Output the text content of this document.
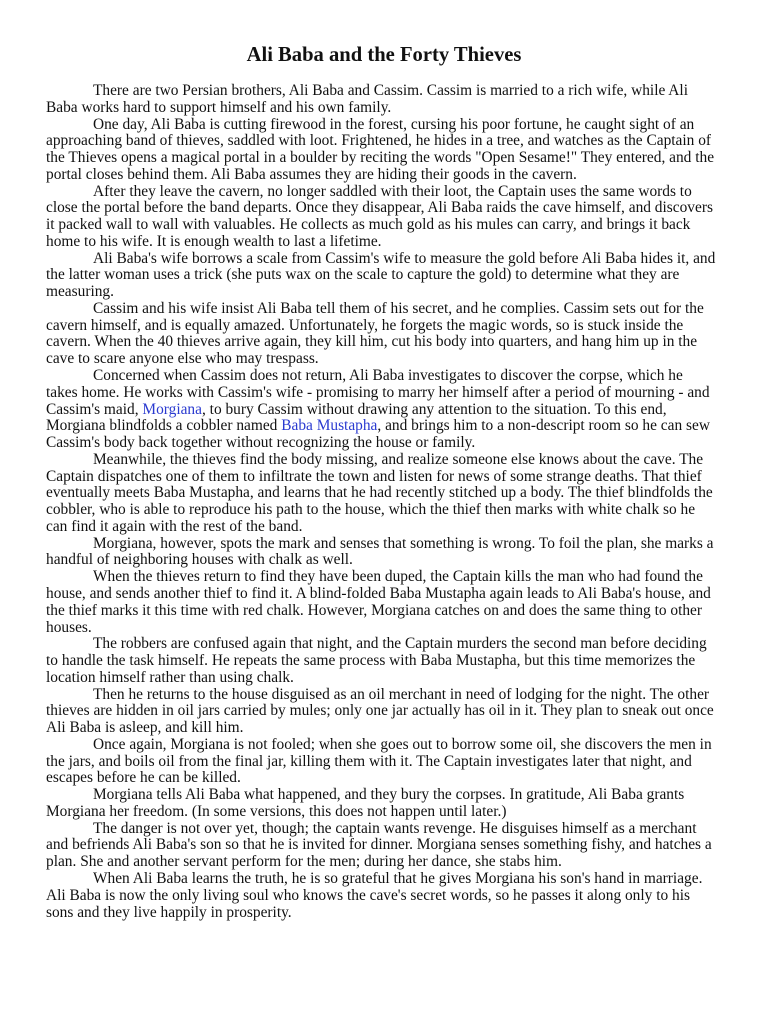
Ali Baba and the Forty Thieves
There are two Persian brothers, Ali Baba and Cassim. Cassim is married to a rich wife, while Ali
Baba works hard to support himself and his own family.
One day, Ali Baba is cutting firewood in the forest, cursing his poor fortune, he caught sight of an
approaching band of thieves, saddled with loot. Frightened, he hides in a tree, and watches as the Captain of
the Thieves opens a magical portal in a boulder by reciting the words "Open Sesame!" They entered, and the
portal closes behind them. Ali Baba assumes they are hiding their goods in the cavern.
After they leave the cavern, no longer saddled with their loot, the Captain uses the same words to
close the portal before the band departs. Once they disappear, Ali Baba raids the cave himself, and discovers
it packed wall to wall with valuables. He collects as much gold as his mules can carry, and brings it back
home to his wife. It is enough wealth to last a lifetime.
Ali Baba's wife borrows a scale from Cassim's wife to measure the gold before Ali Baba hides it, and
the latter woman uses a trick (she puts wax on the scale to capture the gold) to determine what they are
measuring.
Cassim and his wife insist Ali Baba tell them of his secret, and he complies. Cassim sets out for the
cavern himself, and is equally amazed. Unfortunately, he forgets the magic words, so is stuck inside the
cavern. When the 40 thieves arrive again, they kill him, cut his body into quarters, and hang him up in the
cave to scare anyone else who may trespass.
Concerned when Cassim does not return, Ali Baba investigates to discover the corpse, which he
takes home. He works with Cassim's wife - promising to marry her himself after a period of mourning - and
Cassim's maid, Morgiana, to bury Cassim without drawing any attention to the situation. To this end,
Morgiana blindfolds a cobbler named Baba Mustapha, and brings him to a non-descript room so he can sew
Cassim's body back together without recognizing the house or family.
Meanwhile, the thieves find the body missing, and realize someone else knows about the cave. The
Captain dispatches one of them to infiltrate the town and listen for news of some strange deaths. That thief
eventually meets Baba Mustapha, and learns that he had recently stitched up a body. The thief blindfolds the
cobbler, who is able to reproduce his path to the house, which the thief then marks with white chalk so he
can find it again with the rest of the band.
Morgiana, however, spots the mark and senses that something is wrong. To foil the plan, she marks a
handful of neighboring houses with chalk as well.
When the thieves return to find they have been duped, the Captain kills the man who had found the
house, and sends another thief to find it. A blind-folded Baba Mustapha again leads to Ali Baba's house, and
the thief marks it this time with red chalk. However, Morgiana catches on and does the same thing to other
houses.
The robbers are confused again that night, and the Captain murders the second man before deciding
to handle the task himself. He repeats the same process with Baba Mustapha, but this time memorizes the
location himself rather than using chalk.
Then he returns to the house disguised as an oil merchant in need of lodging for the night. The other
thieves are hidden in oil jars carried by mules; only one jar actually has oil in it. They plan to sneak out once
Ali Baba is asleep, and kill him.
Once again, Morgiana is not fooled; when she goes out to borrow some oil, she discovers the men in
the jars, and boils oil from the final jar, killing them with it. The Captain investigates later that night, and
escapes before he can be killed.
Morgiana tells Ali Baba what happened, and they bury the corpses. In gratitude, Ali Baba grants
Morgiana her freedom. (In some versions, this does not happen until later.)
The danger is not over yet, though; the captain wants revenge. He disguises himself as a merchant
and befriends Ali Baba's son so that he is invited for dinner. Morgiana senses something fishy, and hatches a
plan. She and another servant perform for the men; during her dance, she stabs him.
When Ali Baba learns the truth, he is so grateful that he gives Morgiana his son's hand in marriage.
Ali Baba is now the only living soul who knows the cave's secret words, so he passes it along only to his
sons and they live happily in prosperity.
